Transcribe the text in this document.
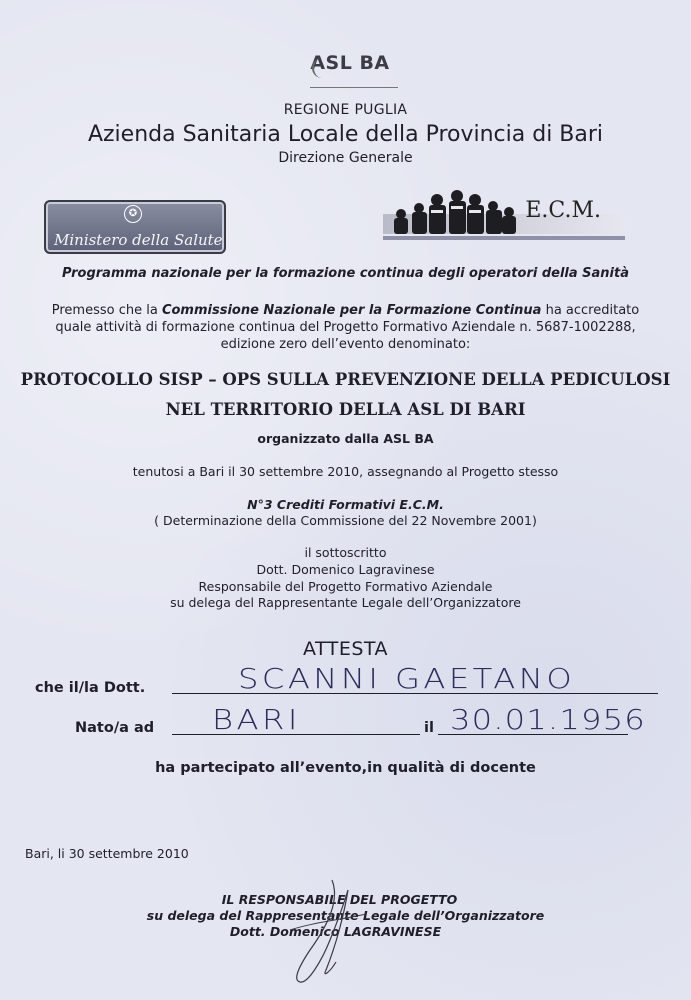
ASL BA
REGIONE PUGLIA
Azienda Sanitaria Locale della Provincia di Bari
Direzione Generale
✪
Ministero della Salute
E.C.M.
Programma nazionale per la formazione continua degli operatori della Sanità
Premesso che la Commissione Nazionale per la Formazione Continua ha accreditato
quale attività di formazione continua del Progetto Formativo Aziendale n. 5687-1002288,
edizione zero dell’evento denominato:
PROTOCOLLO SISP – OPS SULLA PREVENZIONE DELLA PEDICULOSI
NEL TERRITORIO DELLA ASL DI BARI
organizzato dalla ASL BA
tenutosi a Bari il 30 settembre 2010, assegnando al Progetto stesso
N°3 Crediti Formativi E.C.M.
( Determinazione della Commissione del 22 Novembre 2001)
il sottoscritto
Dott. Domenico Lagravinese
Responsabile del Progetto Formativo Aziendale
su delega del Rappresentante Legale dell’Organizzatore
ATTESTA
che il/la Dott.	SCANNI GAETANO
Nato/a ad BARI	il 30.01.1956
ha partecipato all’evento,in qualità di docente
Bari, li 30 settembre 2010
IL RESPONSABILE DEL PROGETTO
su delega del Rappresentante Legale dell’Organizzatore
Dott. Domenico LAGRAVINESE
